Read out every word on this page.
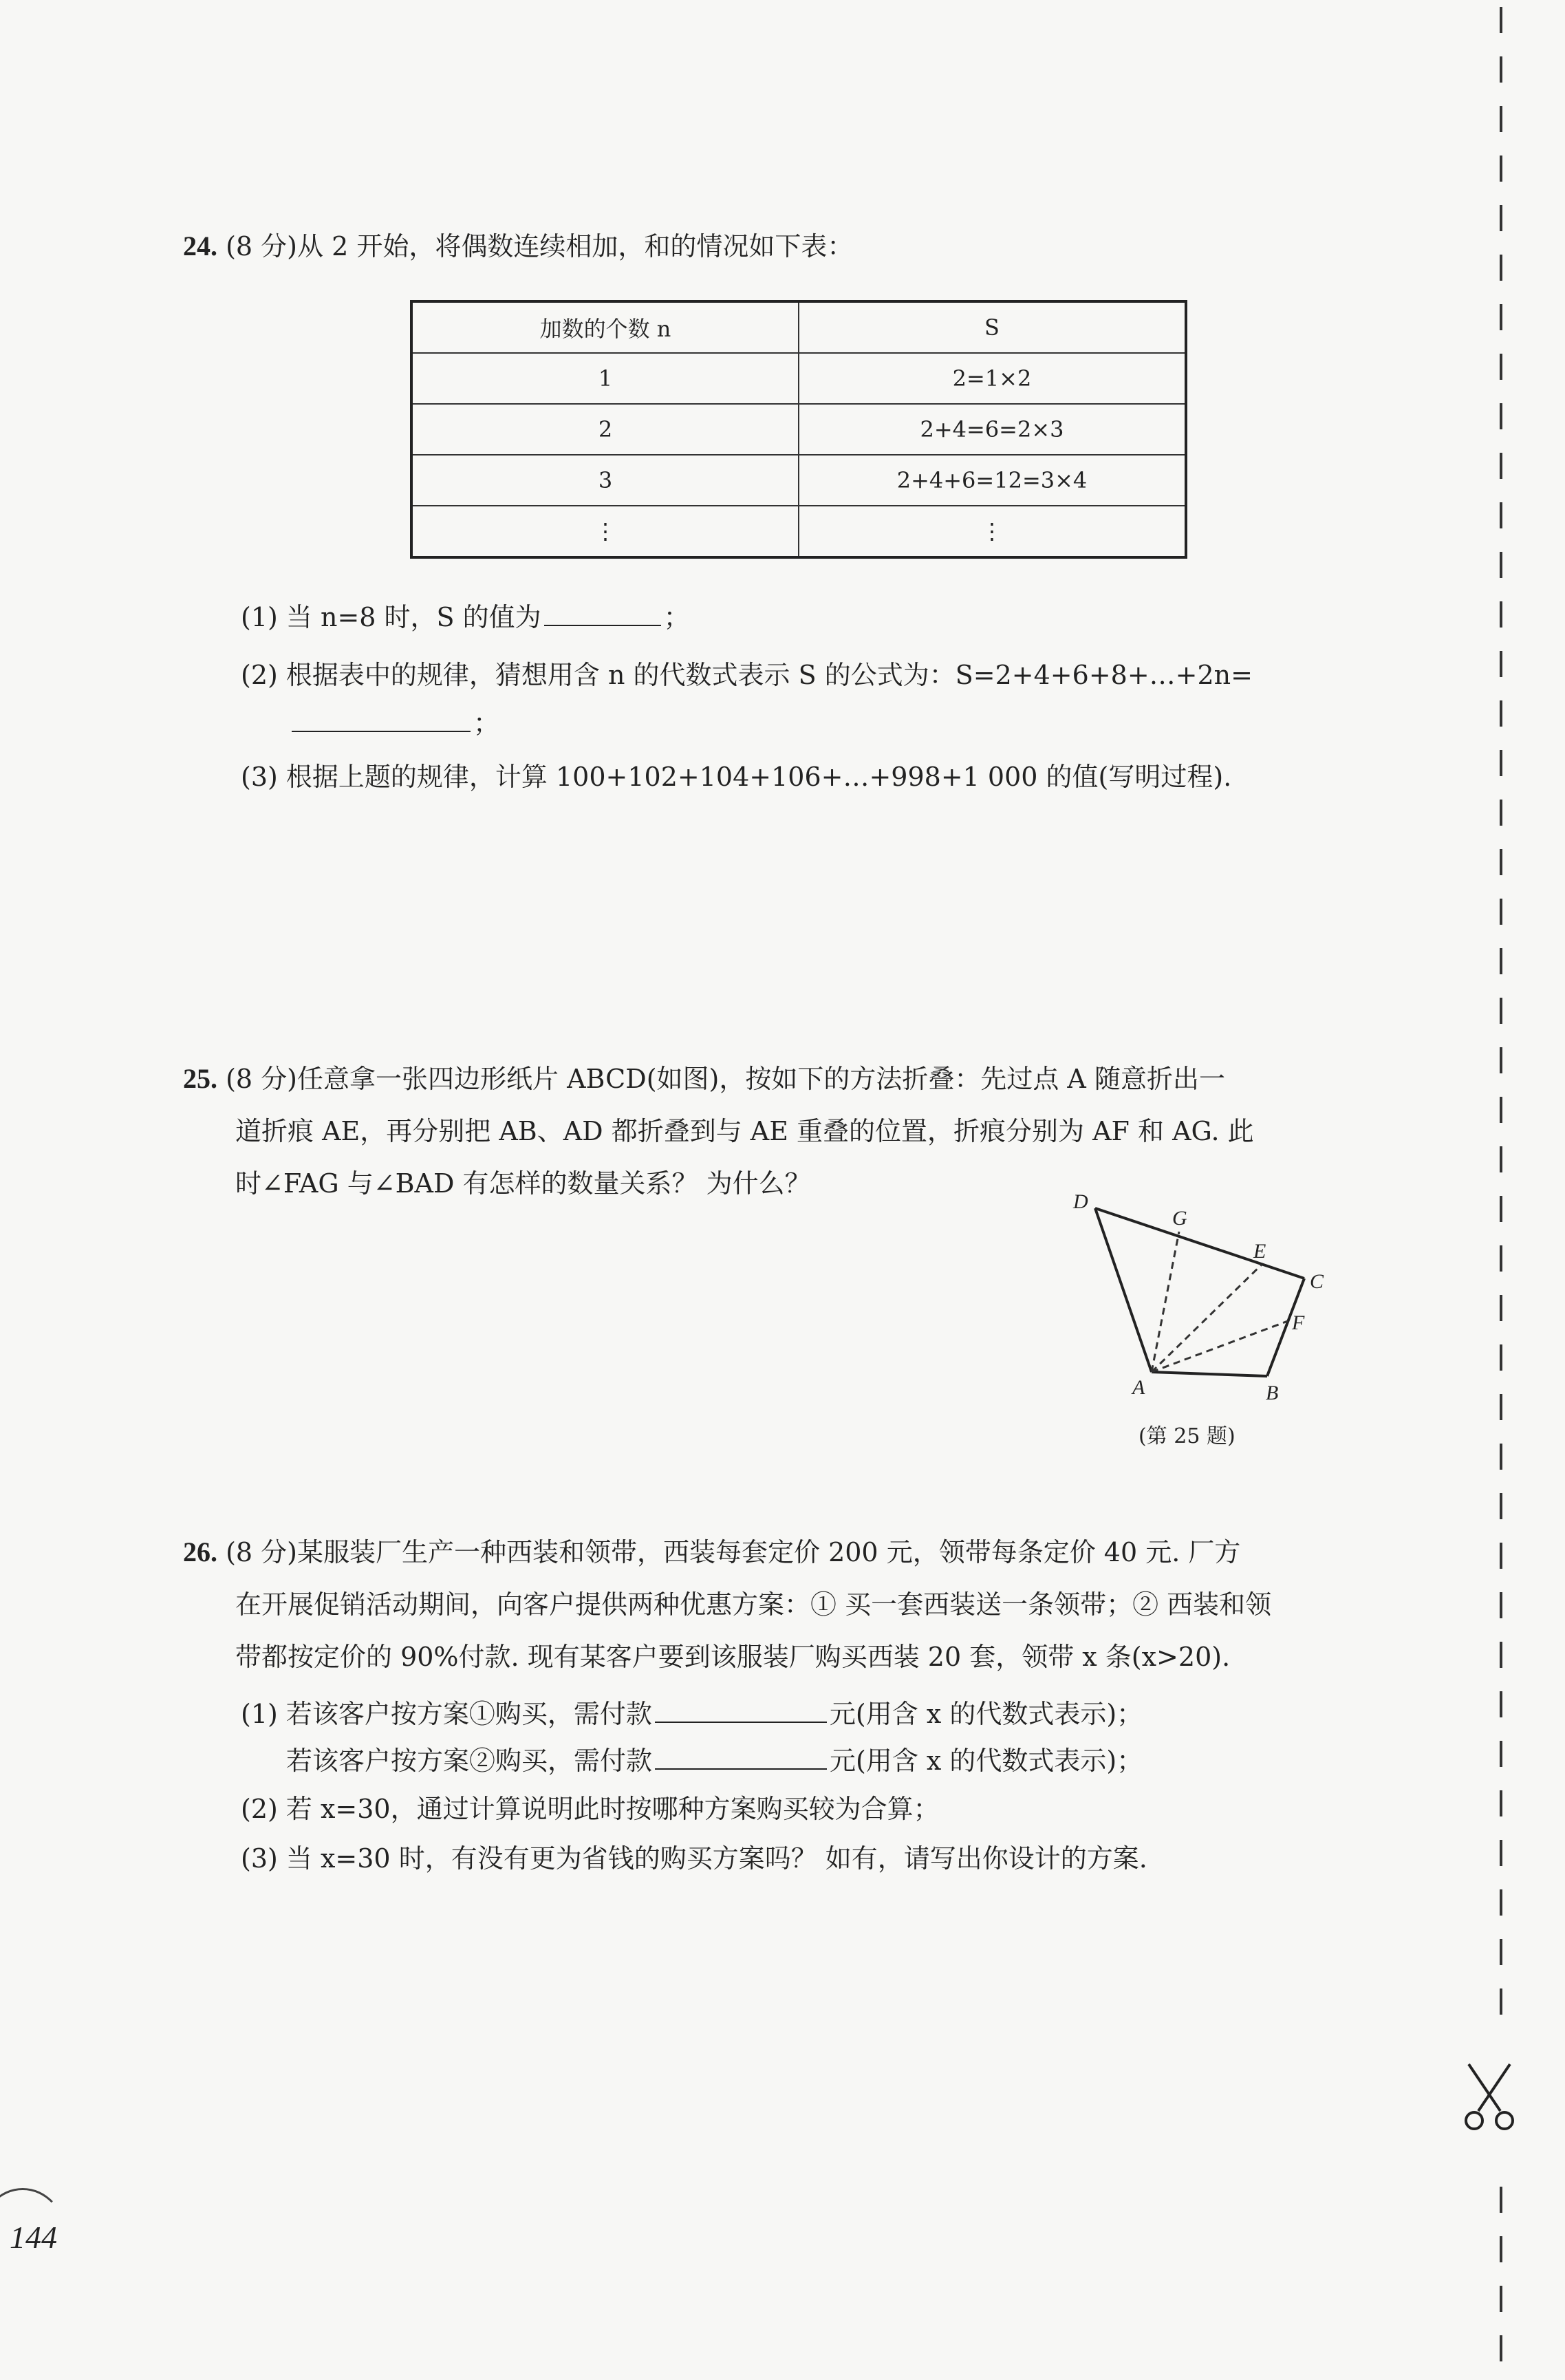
24. (8 分)从 2 开始，将偶数连续相加，和的情况如下表：
加数的个数 n	S
1	2=1×2
2	2+4=6=2×3
3	2+4+6=12=3×4
⋮	⋮
(1) 当 n=8 时，S 的值为	；
(2) 根据表中的规律，猜想用含 n 的代数式表示 S 的公式为：S=2+4+6+8+…+2n=
；
(3) 根据上题的规律，计算 100+102+104+106+…+998+1 000 的值(写明过程).
25. (8 分)任意拿一张四边形纸片 ABCD(如图)，按如下的方法折叠：先过点 A 随意折出一
道折痕 AE，再分别把 AB、AD 都折叠到与 AE 重叠的位置，折痕分别为 AF 和 AG. 此
时∠FAG 与∠BAD 有怎样的数量关系？ 为什么？
D
G
E
C
F
A	B
(第 25 题)
26. (8 分)某服装厂生产一种西装和领带，西装每套定价 200 元，领带每条定价 40 元. 厂方
在开展促销活动期间，向客户提供两种优惠方案：① 买一套西装送一条领带；② 西装和领
带都按定价的 90%付款. 现有某客户要到该服装厂购买西装 20 套，领带 x 条(x>20).
(1) 若该客户按方案①购买，需付款	元(用含 x 的代数式表示)；
若该客户按方案②购买，需付款	元(用含 x 的代数式表示)；
(2) 若 x=30，通过计算说明此时按哪种方案购买较为合算；
(3) 当 x=30 时，有没有更为省钱的购买方案吗？ 如有，请写出你设计的方案.
144
